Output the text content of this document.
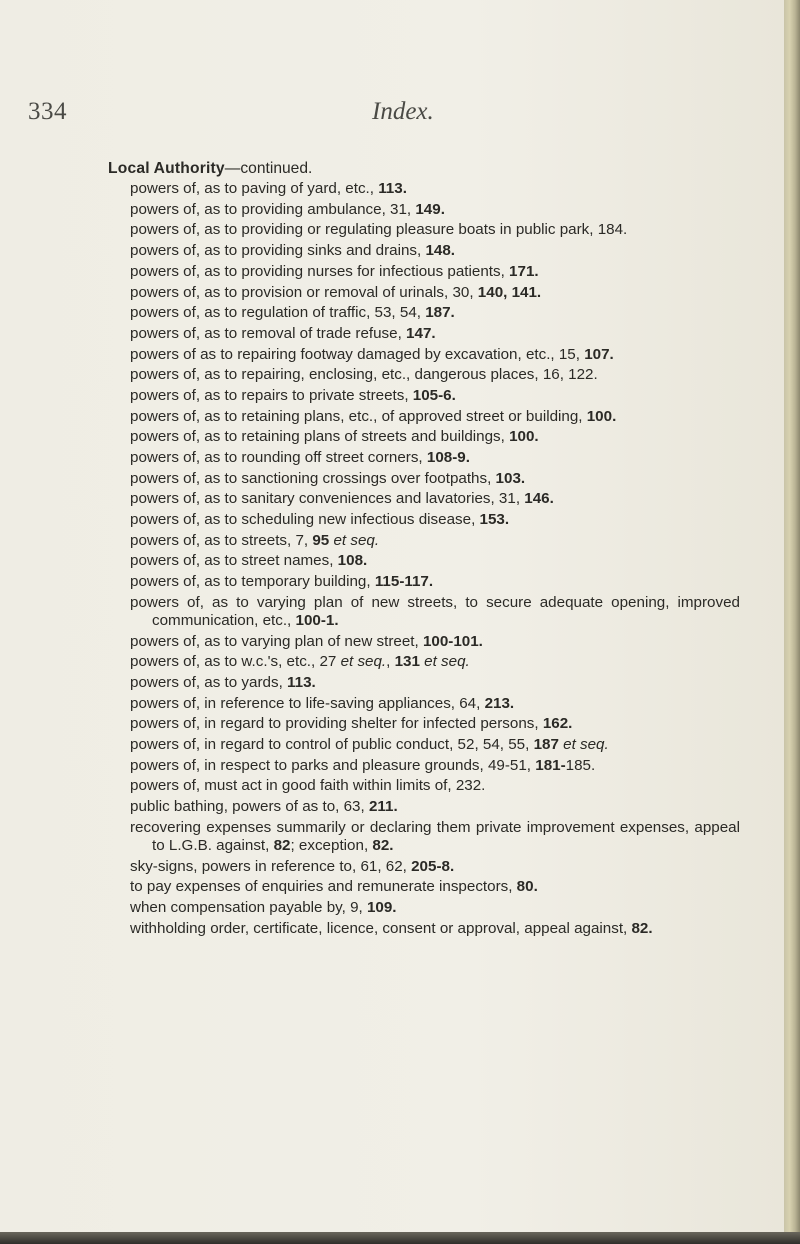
334	Index.
Local Authority—continued.

powers of, as to paving of yard, etc., 113.

powers of, as to providing ambulance, 31, 149.

powers of, as to providing or regulating pleasure boats in public park, 184.

powers of, as to providing sinks and drains, 148.

powers of, as to providing nurses for infectious patients, 171.

powers of, as to provision or removal of urinals, 30, 140, 141.

powers of, as to regulation of traffic, 53, 54, 187.

powers of, as to removal of trade refuse, 147.

powers of as to repairing footway damaged by excavation, etc., 15, 107.

powers of, as to repairing, enclosing, etc., dangerous places, 16, 122.

powers of, as to repairs to private streets, 105-6.

powers of, as to retaining plans, etc., of approved street or building, 100.

powers of, as to retaining plans of streets and buildings, 100.

powers of, as to rounding off street corners, 108-9.

powers of, as to sanctioning crossings over footpaths, 103.

powers of, as to sanitary conveniences and lavatories, 31, 146.

powers of, as to scheduling new infectious disease, 153.

powers of, as to streets, 7, 95 et seq.

powers of, as to street names, 108.

powers of, as to temporary building, 115-117.

powers of, as to varying plan of new streets, to secure adequate opening, improved communication, etc., 100-1.

powers of, as to varying plan of new street, 100-101.

powers of, as to w.c.'s, etc., 27 et seq., 131 et seq.

powers of, as to yards, 113.

powers of, in reference to life-saving appliances, 64, 213.

powers of, in regard to providing shelter for infected persons, 162.

powers of, in regard to control of public conduct, 52, 54, 55, 187 et seq.

powers of, in respect to parks and pleasure grounds, 49-51, 181-185.

powers of, must act in good faith within limits of, 232.

public bathing, powers of as to, 63, 211.

recovering expenses summarily or declaring them private improvement expenses, appeal to L.G.B. against, 82; exception, 82.

sky-signs, powers in reference to, 61, 62, 205-8.

to pay expenses of enquiries and remunerate inspectors, 80.

when compensation payable by, 9, 109.

withholding order, certificate, licence, consent or approval, appeal against, 82.
